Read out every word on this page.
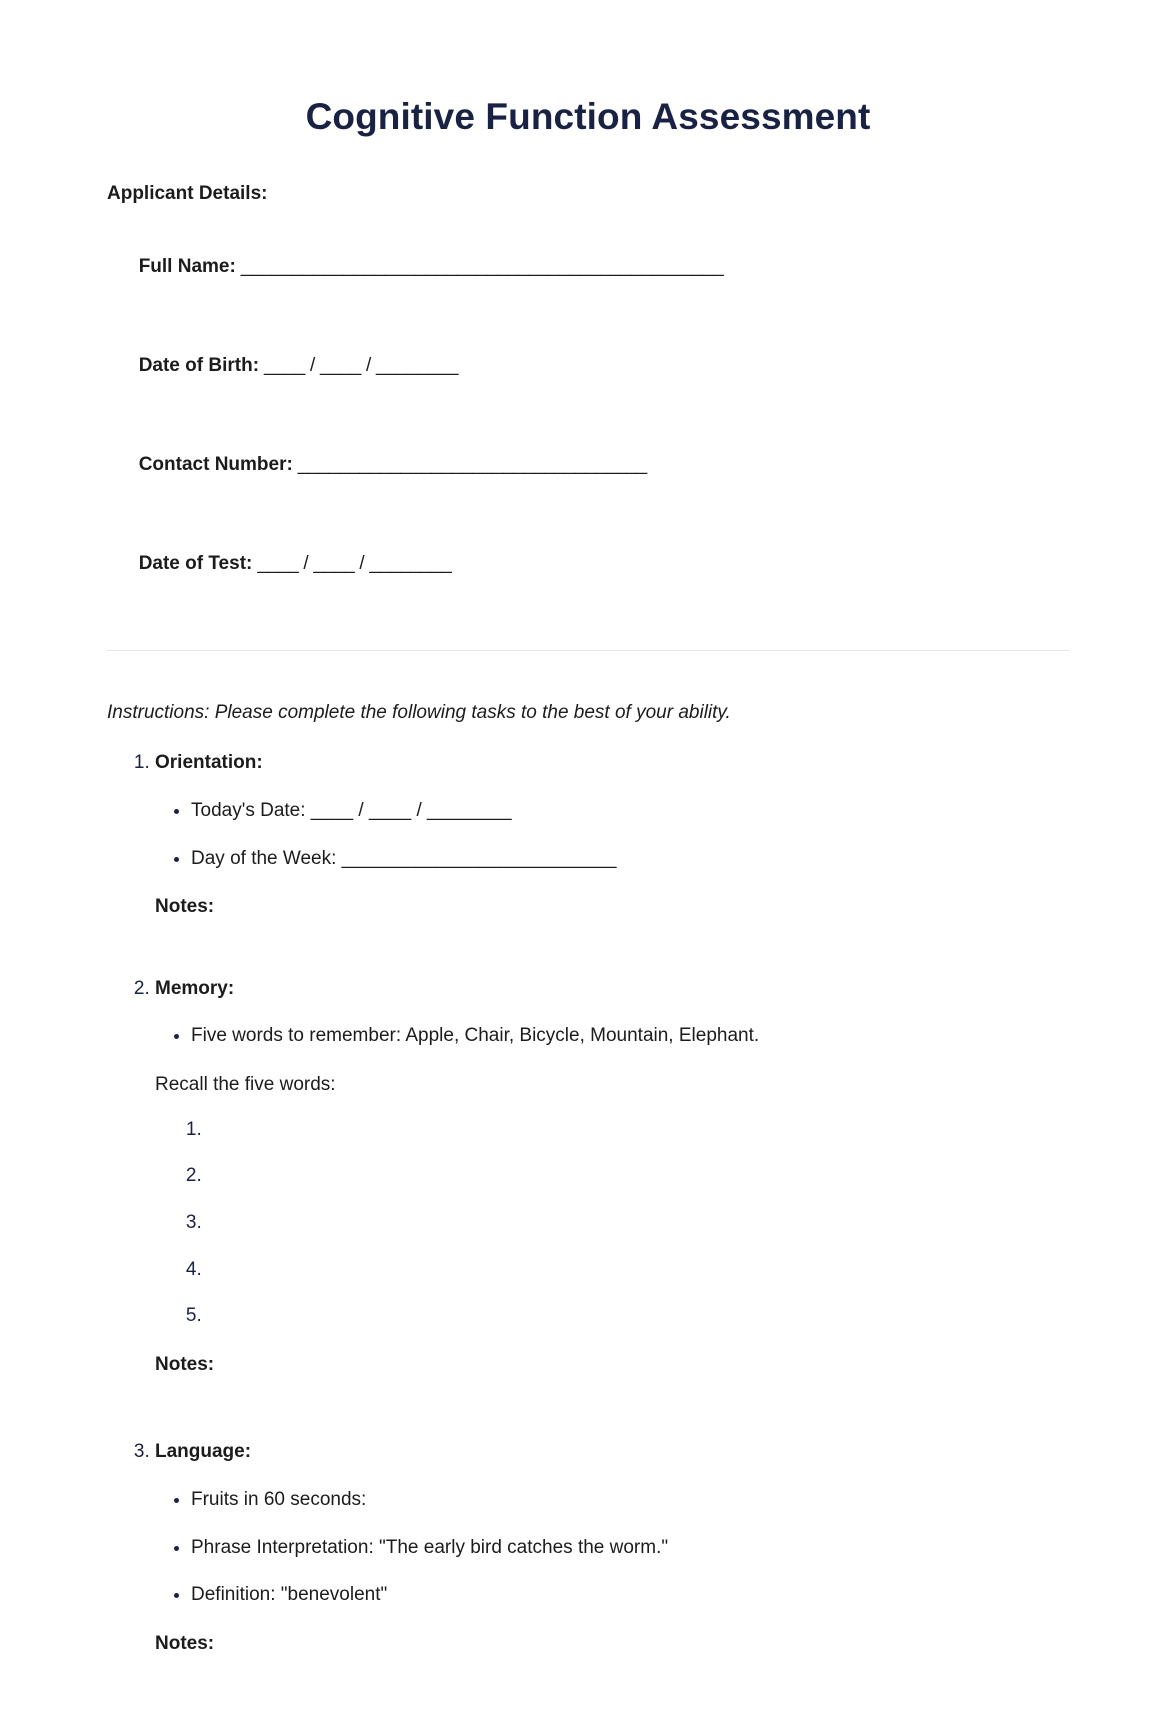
Cognitive Function Assessment

Applicant Details:

Full Name: _______________________________________________

Date of Birth: ____ / ____ / ________

Contact Number: __________________________________

Date of Test: ____ / ____ / ________

Instructions: Please complete the following tasks to the best of your ability.

1. Orientation:
• Today's Date: ____ / ____ / ________
• Day of the Week: __________________________

Notes:

2. Memory:
• Five words to remember: Apple, Chair, Bicycle, Mountain, Elephant.

Recall the five words:

1.
2.
3.
4.
5.

Notes:

3. Language:
• Fruits in 60 seconds:
• Phrase Interpretation: "The early bird catches the worm."
• Definition: "benevolent"

Notes:
